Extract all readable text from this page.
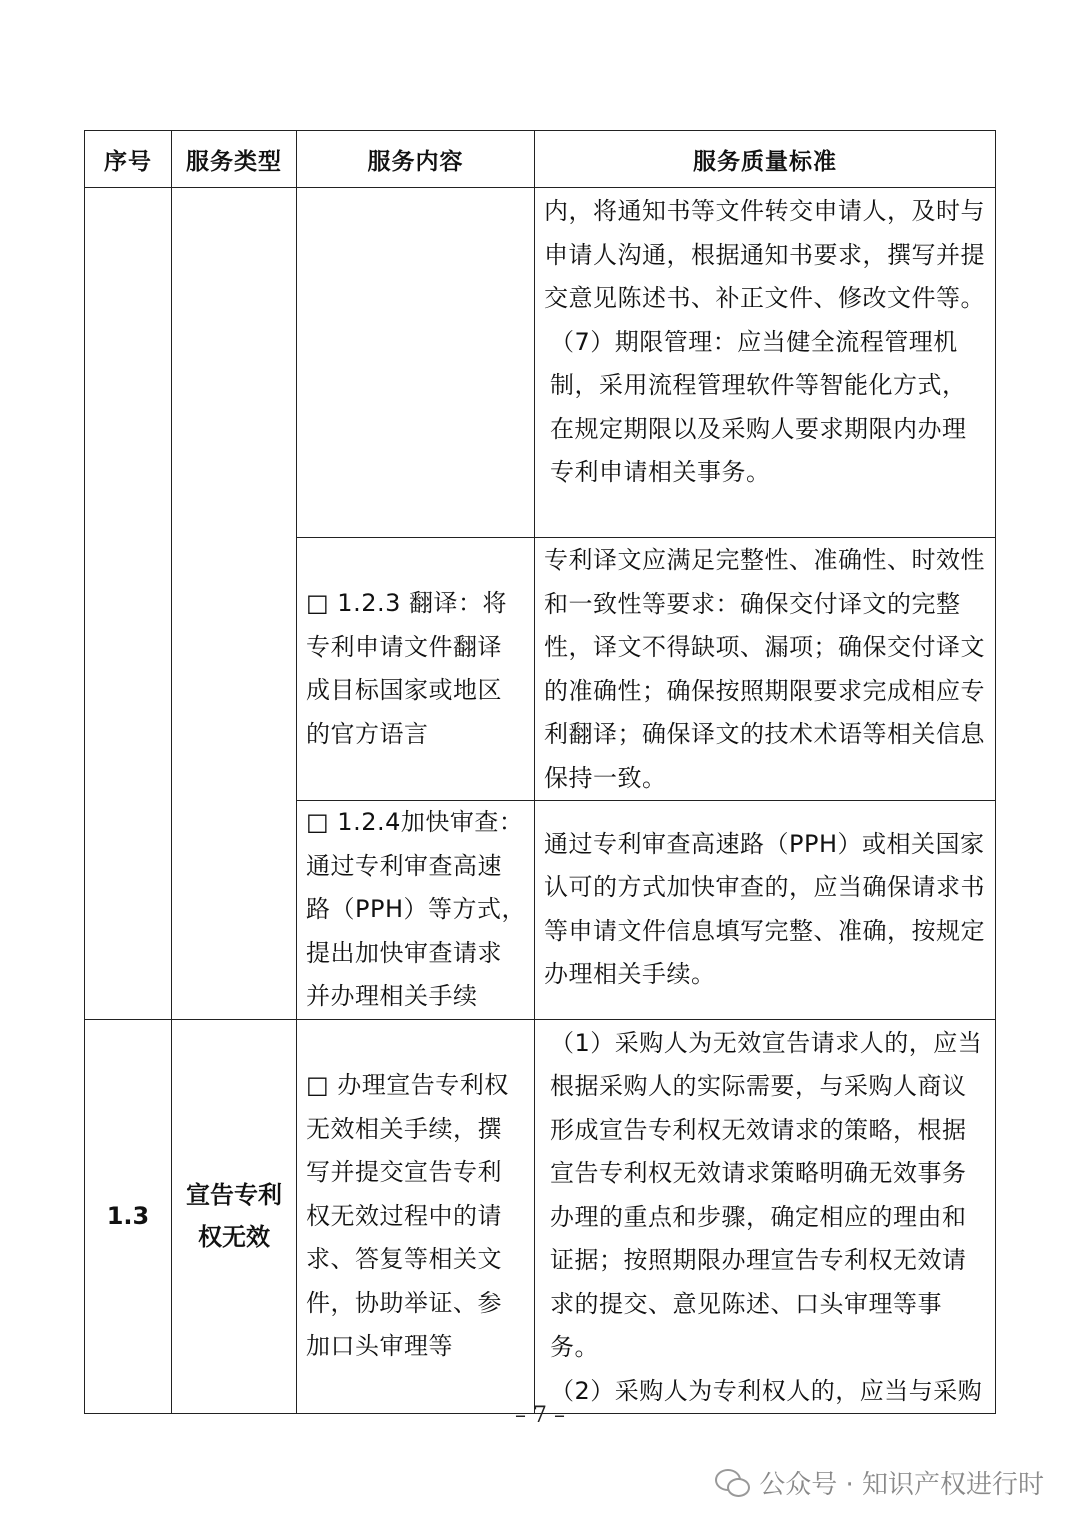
序号	服务类型	服务内容	服务质量标准

			内，将通知书等文件转交申请人，及时与申请人沟通，根据通知书要求，撰写并提交意见陈述书、补正文件、修改文件等。
（7）期限管理：应当健全流程管理机制，采用流程管理软件等智能化方式，在规定期限以及采购人要求期限内办理专利申请相关事务。

		□ 1.2.3 翻译：将专利申请文件翻译成目标国家或地区的官方语言	专利译文应满足完整性、准确性、时效性和一致性等要求：确保交付译文的完整性，译文不得缺项、漏项；确保交付译文的准确性；确保按照期限要求完成相应专利翻译；确保译文的技术术语等相关信息保持一致。

		□ 1.2.4加快审查：通过专利审查高速路（PPH）等方式，提出加快审查请求并办理相关手续	通过专利审查高速路（PPH）或相关国家认可的方式加快审查的，应当确保请求书等申请文件信息填写完整、准确，按规定办理相关手续。

1.3	宣告专利权无效	□ 办理宣告专利权无效相关手续，撰写并提交宣告专利权无效过程中的请求、答复等相关文件，协助举证、参加口头审理等	（1）采购人为无效宣告请求人的，应当根据采购人的实际需要，与采购人商议形成宣告专利权无效请求的策略，根据宣告专利权无效请求策略明确无效事务办理的重点和步骤，确定相应的理由和证据；按照期限办理宣告专利权无效请求的提交、意见陈述、口头审理等事务。
（2）采购人为专利权人的，应当与采购
– 7 –
公众号 · 知识产权进行时
